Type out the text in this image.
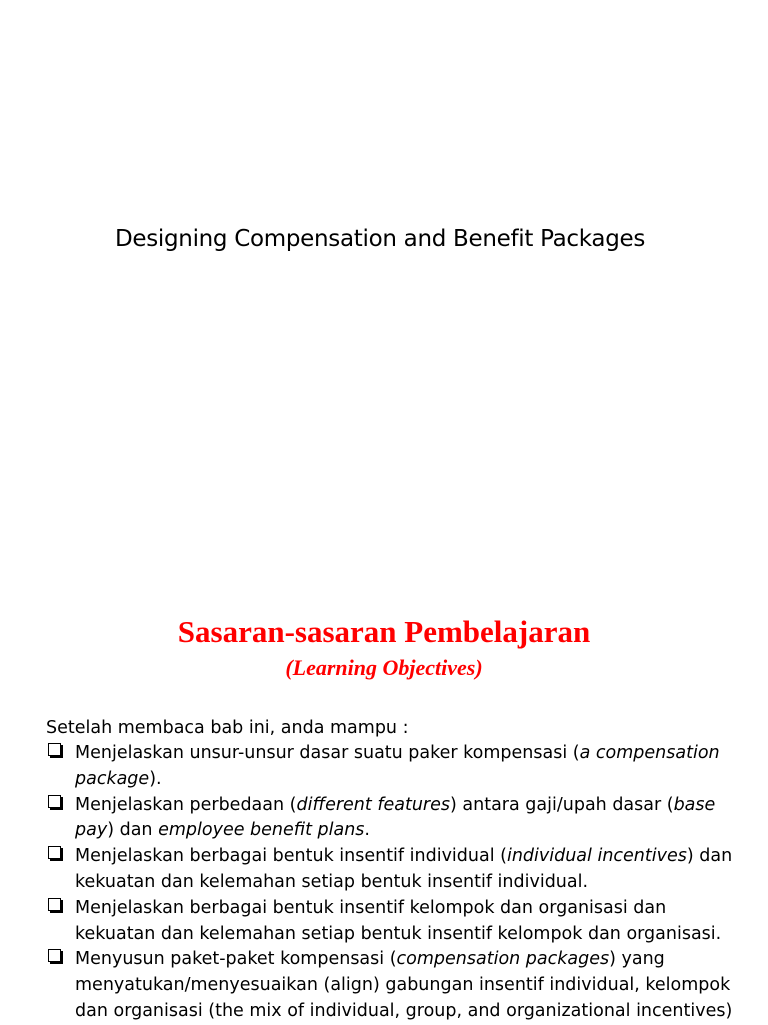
Designing Compensation and Benefit Packages
Sasaran-sasaran Pembelajaran
(Learning Objectives)
Setelah membaca bab ini, anda mampu :
Menjelaskan unsur-unsur dasar suatu paker kompensasi (a compensation package).
Menjelaskan perbedaan (different features) antara gaji/upah dasar (base pay) dan employee benefit plans.
Menjelaskan berbagai bentuk insentif individual (individual incentives) dan kekuatan dan kelemahan setiap bentuk insentif individual.
Menjelaskan berbagai bentuk insentif kelompok dan organisasi dan kekuatan dan kelemahan setiap bentuk insentif kelompok dan organisasi.
Menyusun paket-paket kompensasi (compensation packages) yang menyatukan/menyesuaikan (align) gabungan insentif individual, kelompok dan organisasi (the mix of individual, group, and organizational incentives)
